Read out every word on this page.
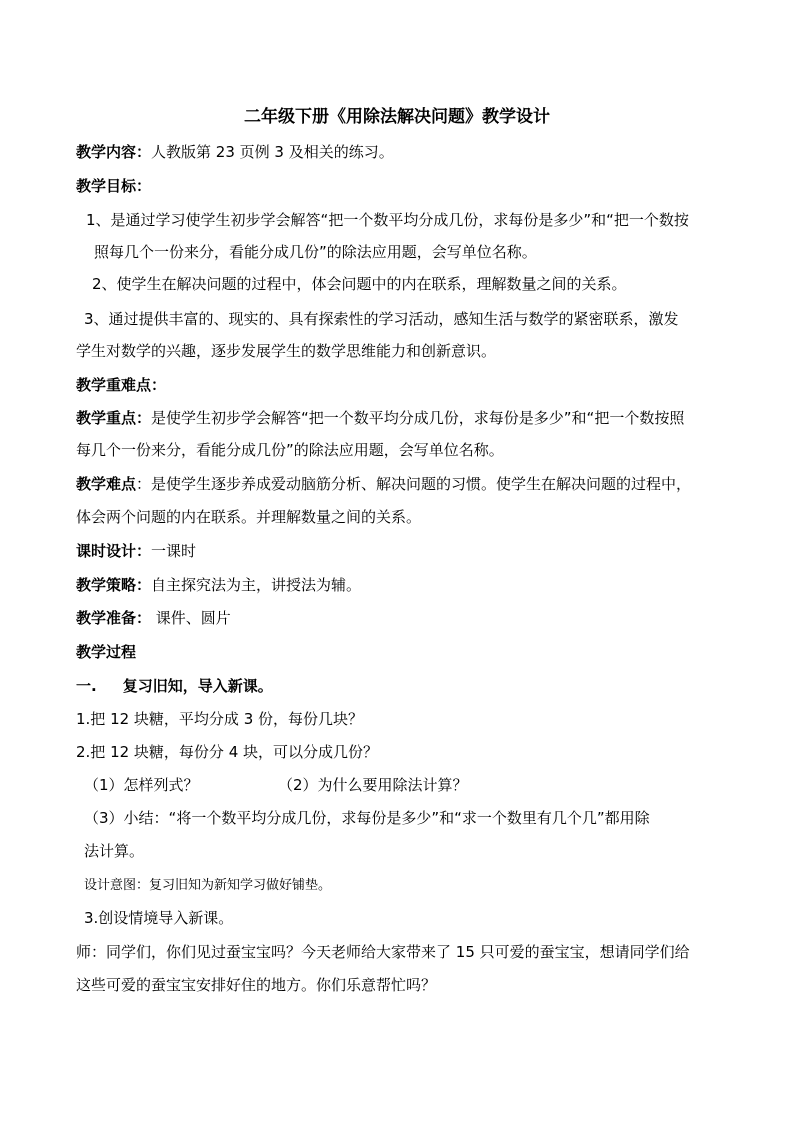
二年级下册《用除法解决问题》教学设计
教学内容：人教版第 23 页例 3 及相关的练习。
教学目标：
1、是通过学习使学生初步学会解答“把一个数平均分成几份，求每份是多少”和“把一个数按
照每几个一份来分，看能分成几份”的除法应用题，会写单位名称。
2、使学生在解决问题的过程中，体会问题中的内在联系，理解数量之间的关系。
3、通过提供丰富的、现实的、具有探索性的学习活动，感知生活与数学的紧密联系，激发
学生对数学的兴趣，逐步发展学生的数学思维能力和创新意识。
教学重难点：
教学重点：是使学生初步学会解答“把一个数平均分成几份，求每份是多少”和“把一个数按照
每几个一份来分，看能分成几份”的除法应用题，会写单位名称。
教学难点：是使学生逐步养成爱动脑筋分析、解决问题的习惯。使学生在解决问题的过程中，
体会两个问题的内在联系。并理解数量之间的关系。
课时设计：一课时
教学策略：自主探究法为主，讲授法为辅。
教学准备： 课件、圆片
教学过程
一. 复习旧知，导入新课。
1.把 12 块糖，平均分成 3 份，每份几块？
2.把 12 块糖，每份分 4 块，可以分成几份？
（1）怎样列式？	（2）为什么要用除法计算？
（3）小结：“将一个数平均分成几份，求每份是多少”和“求一个数里有几个几”都用除
法计算。
设计意图：复习旧知为新知学习做好铺垫。
3.创设情境导入新课。
师：同学们，你们见过蚕宝宝吗？今天老师给大家带来了 15 只可爱的蚕宝宝，想请同学们给
这些可爱的蚕宝宝安排好住的地方。你们乐意帮忙吗？
